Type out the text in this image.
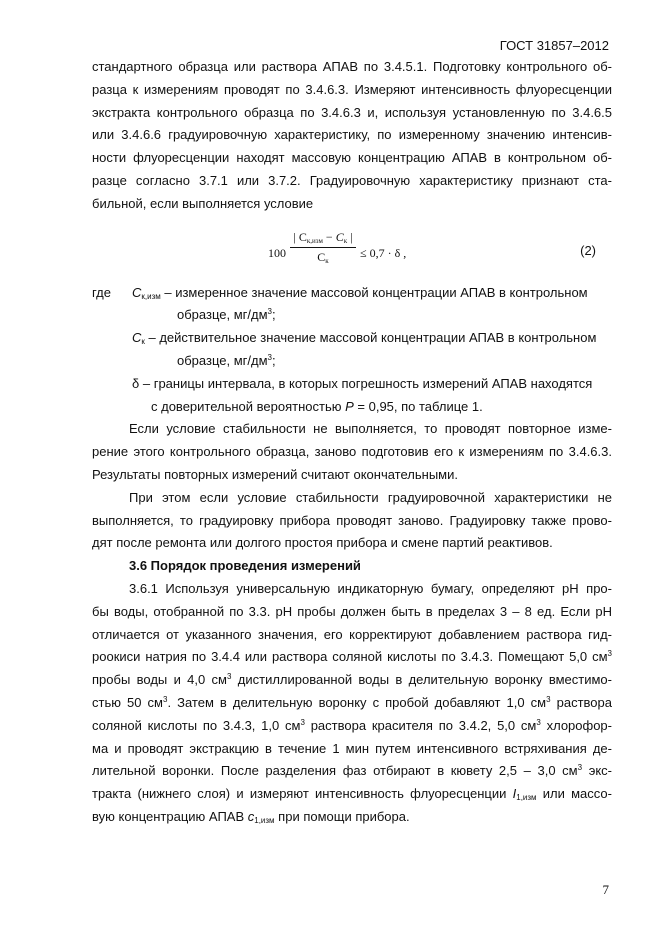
ГОСТ 31857–2012

стандартного образца или раствора АПАВ по 3.4.5.1. Подготовку контрольного об-

разца к измерениям проводят по 3.4.6.3. Измеряют интенсивность флуоресценции

экстракта контрольного образца по 3.4.6.3 и, используя установленную по 3.4.6.5

или 3.4.6.6 градуировочную характеристику, по измеренному значению интенсив-

ности флуоресценции находят массовую концентрацию АПАВ в контрольном об-

разце согласно 3.7.1 или 3.7.2. Градуировочную характеристику признают ста-

бильной, если выполняется условие

100
| Cк,изм − Cк |
Cк
≤ 0,7 · δ ,	(2)
где $C_{к,изм}$ – измеренное значение массовой концентрации АПАВ в контрольном
образце, $мг/дм^3$;
$C_к$ – действительное значение массовой концентрации АПАВ в контрольном
образце, $мг/дм^3$;
δ – границы интервала, в которых погрешность измерений АПАВ находятся
с доверительной вероятностью P = 0,95, по таблице 1.

Если условие стабильности не выполняется, то проводят повторное изме-

рение этого контрольного образца, заново подготовив его к измерениям по 3.4.6.3.

Результаты повторных измерений считают окончательными.

При этом если условие стабильности градуировочной характеристики не

выполняется, то градуировку прибора проводят заново. Градуировку также прово-

дят после ремонта или долгого простоя прибора и смене партий реактивов.

3.6 Порядок проведения измерений

3.6.1 Используя универсальную индикаторную бумагу, определяют pH про-

бы воды, отобранной по 3.3. pH пробы должен быть в пределах 3 – 8 ед. Если pH

отличается от указанного значения, его корректируют добавлением раствора гид-

роокиси натрия по 3.4.4 или раствора соляной кислоты по 3.4.3. Помещают 5,0 $см^3$

пробы воды и 4,0 $см^3$ дистиллированной воды в делительную воронку вместимо-

стью 50 $см^3$. Затем в делительную воронку с пробой добавляют 1,0 $см^3$ раствора

соляной кислоты по 3.4.3, 1,0 $см^3$ раствора красителя по 3.4.2, 5,0 $см^3$ хлорофор-

ма и проводят экстракцию в течение 1 мин путем интенсивного встряхивания де-

лительной воронки. После разделения фаз отбирают в кювету 2,5 – 3,0 $см^3$ экс-

тракта (нижнего слоя) и измеряют интенсивность флуоресценции $I_{1,изм}$ или массо-

вую концентрацию АПАВ $c_{1,изм}$ при помощи прибора.

7
